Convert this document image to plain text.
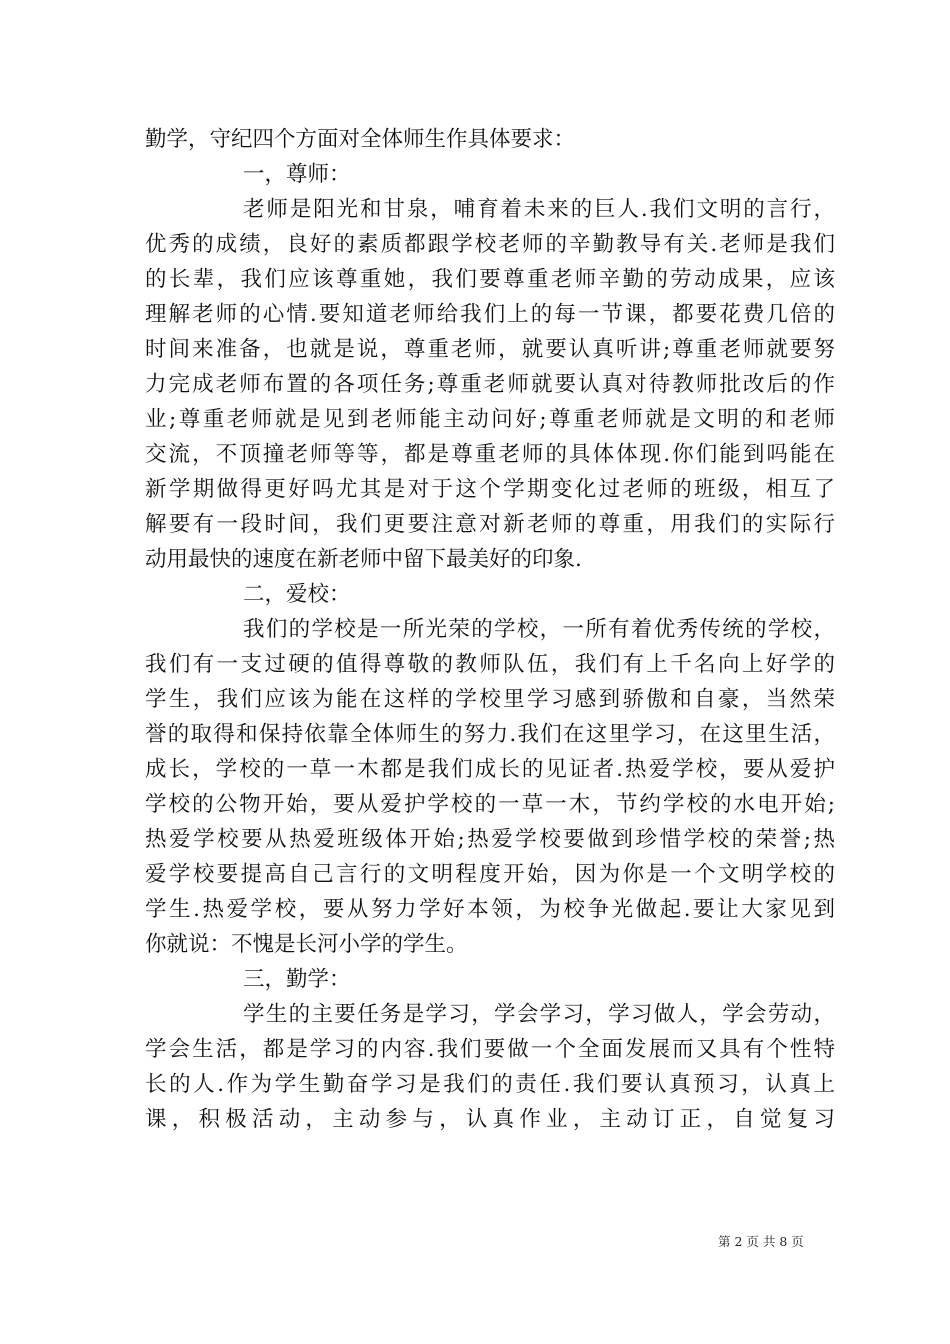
勤学，守纪四个方面对全体师生作具体要求：
一，尊师：
老师是阳光和甘泉，哺育着未来的巨人.我们文明的言行，
优秀的成绩，良好的素质都跟学校老师的辛勤教导有关.老师是我们
的长辈，我们应该尊重她，我们要尊重老师辛勤的劳动成果，应该
理解老师的心情.要知道老师给我们上的每一节课，都要花费几倍的
时间来准备，也就是说，尊重老师，就要认真听讲;尊重老师就要努
力完成老师布置的各项任务;尊重老师就要认真对待教师批改后的作
业;尊重老师就是见到老师能主动问好;尊重老师就是文明的和老师
交流，不顶撞老师等等，都是尊重老师的具体体现.你们能到吗能在
新学期做得更好吗尤其是对于这个学期变化过老师的班级，相互了
解要有一段时间，我们更要注意对新老师的尊重，用我们的实际行
动用最快的速度在新老师中留下最美好的印象.
二，爱校：
我们的学校是一所光荣的学校，一所有着优秀传统的学校，
我们有一支过硬的值得尊敬的教师队伍，我们有上千名向上好学的
学生，我们应该为能在这样的学校里学习感到骄傲和自豪，当然荣
誉的取得和保持依靠全体师生的努力.我们在这里学习，在这里生活，
成长，学校的一草一木都是我们成长的见证者.热爱学校，要从爱护
学校的公物开始，要从爱护学校的一草一木，节约学校的水电开始;
热爱学校要从热爱班级体开始;热爱学校要做到珍惜学校的荣誉;热
爱学校要提高自己言行的文明程度开始，因为你是一个文明学校的
学生.热爱学校，要从努力学好本领，为校争光做起.要让大家见到
你就说：不愧是长河小学的学生。
三，勤学：
学生的主要任务是学习，学会学习，学习做人，学会劳动，
学会生活，都是学习的内容.我们要做一个全面发展而又具有个性特
长的人.作为学生勤奋学习是我们的责任.我们要认真预习，认真上
课，积极活动，主动参与，认真作业，主动订正，自觉复习
第 2 页 共 8 页
